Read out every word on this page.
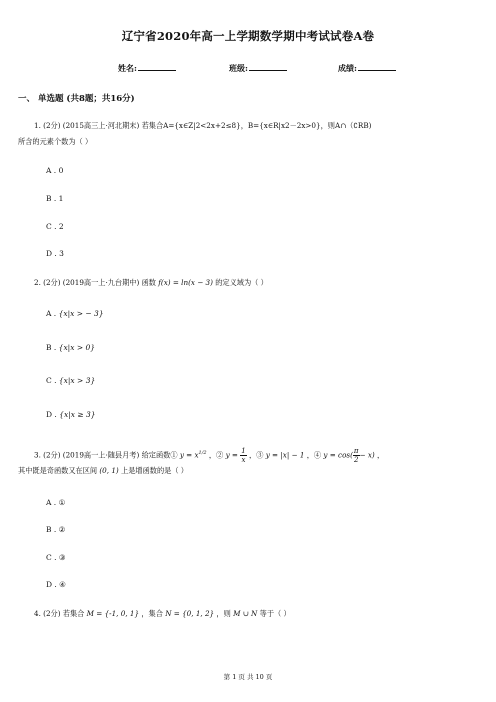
辽宁省2020年高一上学期数学期中考试试卷A卷
姓名:	班级:	成绩:
一、 单选题 (共8题；共16分)
1. (2分) (2015高三上·河北期末) 若集合A={x∈Z|2<2x+2≤8}，B={x∈R|x2－2x>0}，则A∩（∁RB)
所含的元素个数为（ ）
A . 0
B . 1
C . 2
D . 3
2. (2分) (2019高一上·九台期中) 函数 f(x) = ln(x − 3) 的定义域为（ ）
A . {x|x > − 3}
B . {x|x > 0}
C . {x|x > 3}
D . {x|x ≥ 3}
3. (2分) (2019高一上·随县月考) 给定函数① $y = x^{1/2}$ ，② $y = \frac{1}{x}$ ，③ y = |x| − 1 ，④ $y = \cos( \frac{\pi}{2} - x)$ ，
其中既是奇函数又在区间 (0, 1) 上是增函数的是（ ）
A . ①
B . ②
C . ③
D . ④
4. (2分) 若集合 M = {-1, 0, 1} ，集合 N = {0, 1, 2} ，则 M ∪ N 等于（ ）
第 1 页 共 10 页
